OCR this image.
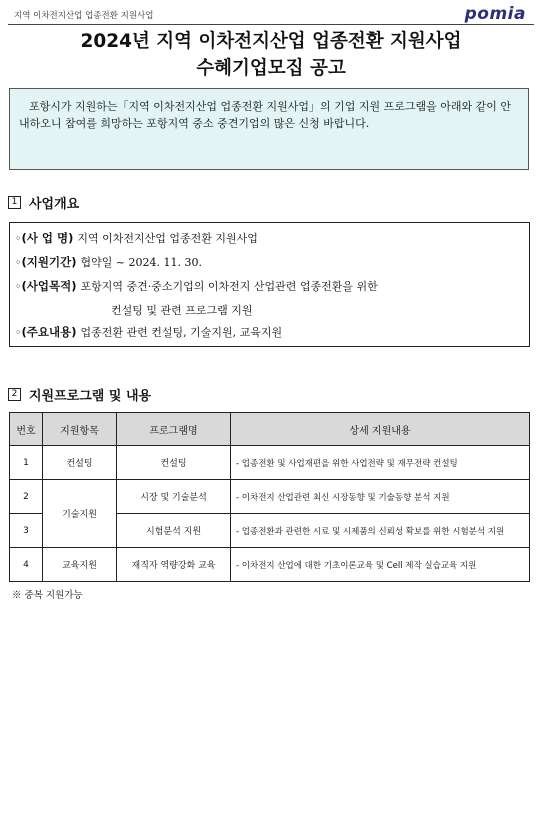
지역 이차전지산업 업종전환 지원사업	pomia
2024년 지역 이차전지산업 업종전환 지원사업
수혜기업모집 공고
포항시가 지원하는「지역 이차전지산업 업종전환 지원사업」의 기업 지원 프로그램을 아래와 같이 안내하오니 참여를 희망하는 포항지역 중소 중견기업의 많은 신청 바랍니다.
1 사업개요
◦(사 업 명) 지역 이차전지산업 업종전환 지원사업
◦(지원기간) 협약일 ~ 2024. 11. 30.
◦(사업목적) 포항지역 중견·중소기업의 이차전지 산업관련 업종전환을 위한
컨설팅 및 관련 프로그램 지원
◦(주요내용) 업종전환 관련 컨설팅, 기술지원, 교육지원
2 지원프로그램 및 내용
번호	지원항목	프로그램명	상세 지원내용
1	컨설팅	컨설팅	- 업종전환 및 사업재편을 위한 사업전략 및 재무전략 컨설팅
2	기술지원	시장 및 기술분석	- 이차전지 산업관련 최신 시장동향 및 기술동향 분석 지원
3		시험분석 지원	- 업종전환과 관련한 시료 및 시제품의 신뢰성 확보를 위한 시험분석 지원
4	교육지원	재직자 역량강화 교육	- 이차전지 산업에 대한 기초이론교육 및 Cell 제작 실습교육 지원
※ 중복 지원가능
